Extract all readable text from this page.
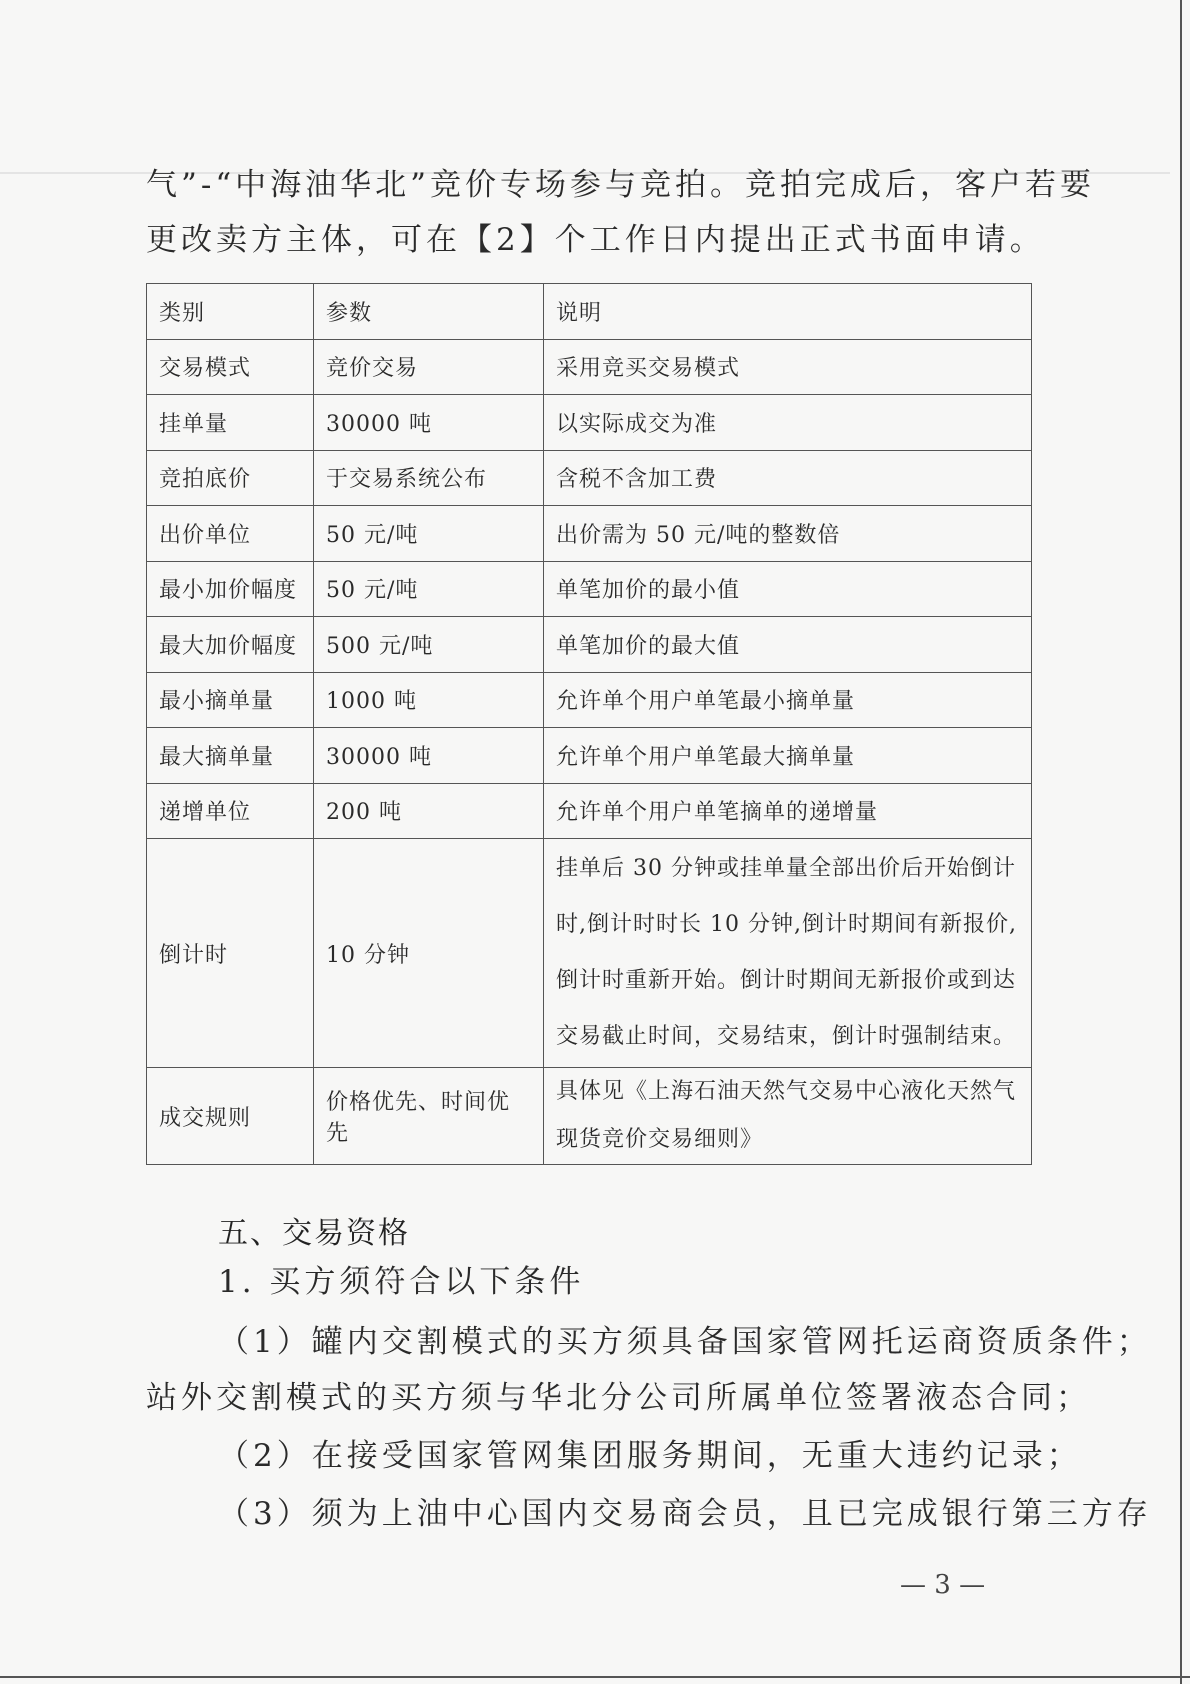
气”-“中海油华北”竞价专场参与竞拍。竞拍完成后，客户若要
更改卖方主体，可在【2】个工作日内提出正式书面申请。
类别	参数	说明
交易模式	竞价交易	采用竞买交易模式
挂单量	30000 吨	以实际成交为准
竞拍底价	于交易系统公布	含税不含加工费
出价单位	50 元/吨	出价需为 50 元/吨的整数倍
最小加价幅度	50 元/吨	单笔加价的最小值
最大加价幅度	500 元/吨	单笔加价的最大值
最小摘单量	1000 吨	允许单个用户单笔最小摘单量
最大摘单量	30000 吨	允许单个用户单笔最大摘单量
递增单位	200 吨	允许单个用户单笔摘单的递增量
倒计时	10 分钟	挂单后 30 分钟或挂单量全部出价后开始倒计
时,倒计时时长 10 分钟,倒计时期间有新报价,
倒计时重新开始。倒计时期间无新报价或到达
交易截止时间，交易结束，倒计时强制结束。

成交规则	价格优先、时间优先	具体见《上海石油天然气交易中心液化天然气
现货竞价交易细则》
五、交易资格
1. 买方须符合以下条件
（1）罐内交割模式的买方须具备国家管网托运商资质条件；
站外交割模式的买方须与华北分公司所属单位签署液态合同；
（2）在接受国家管网集团服务期间，无重大违约记录；
（3）须为上油中心国内交易商会员，且已完成银行第三方存
— 3 —
